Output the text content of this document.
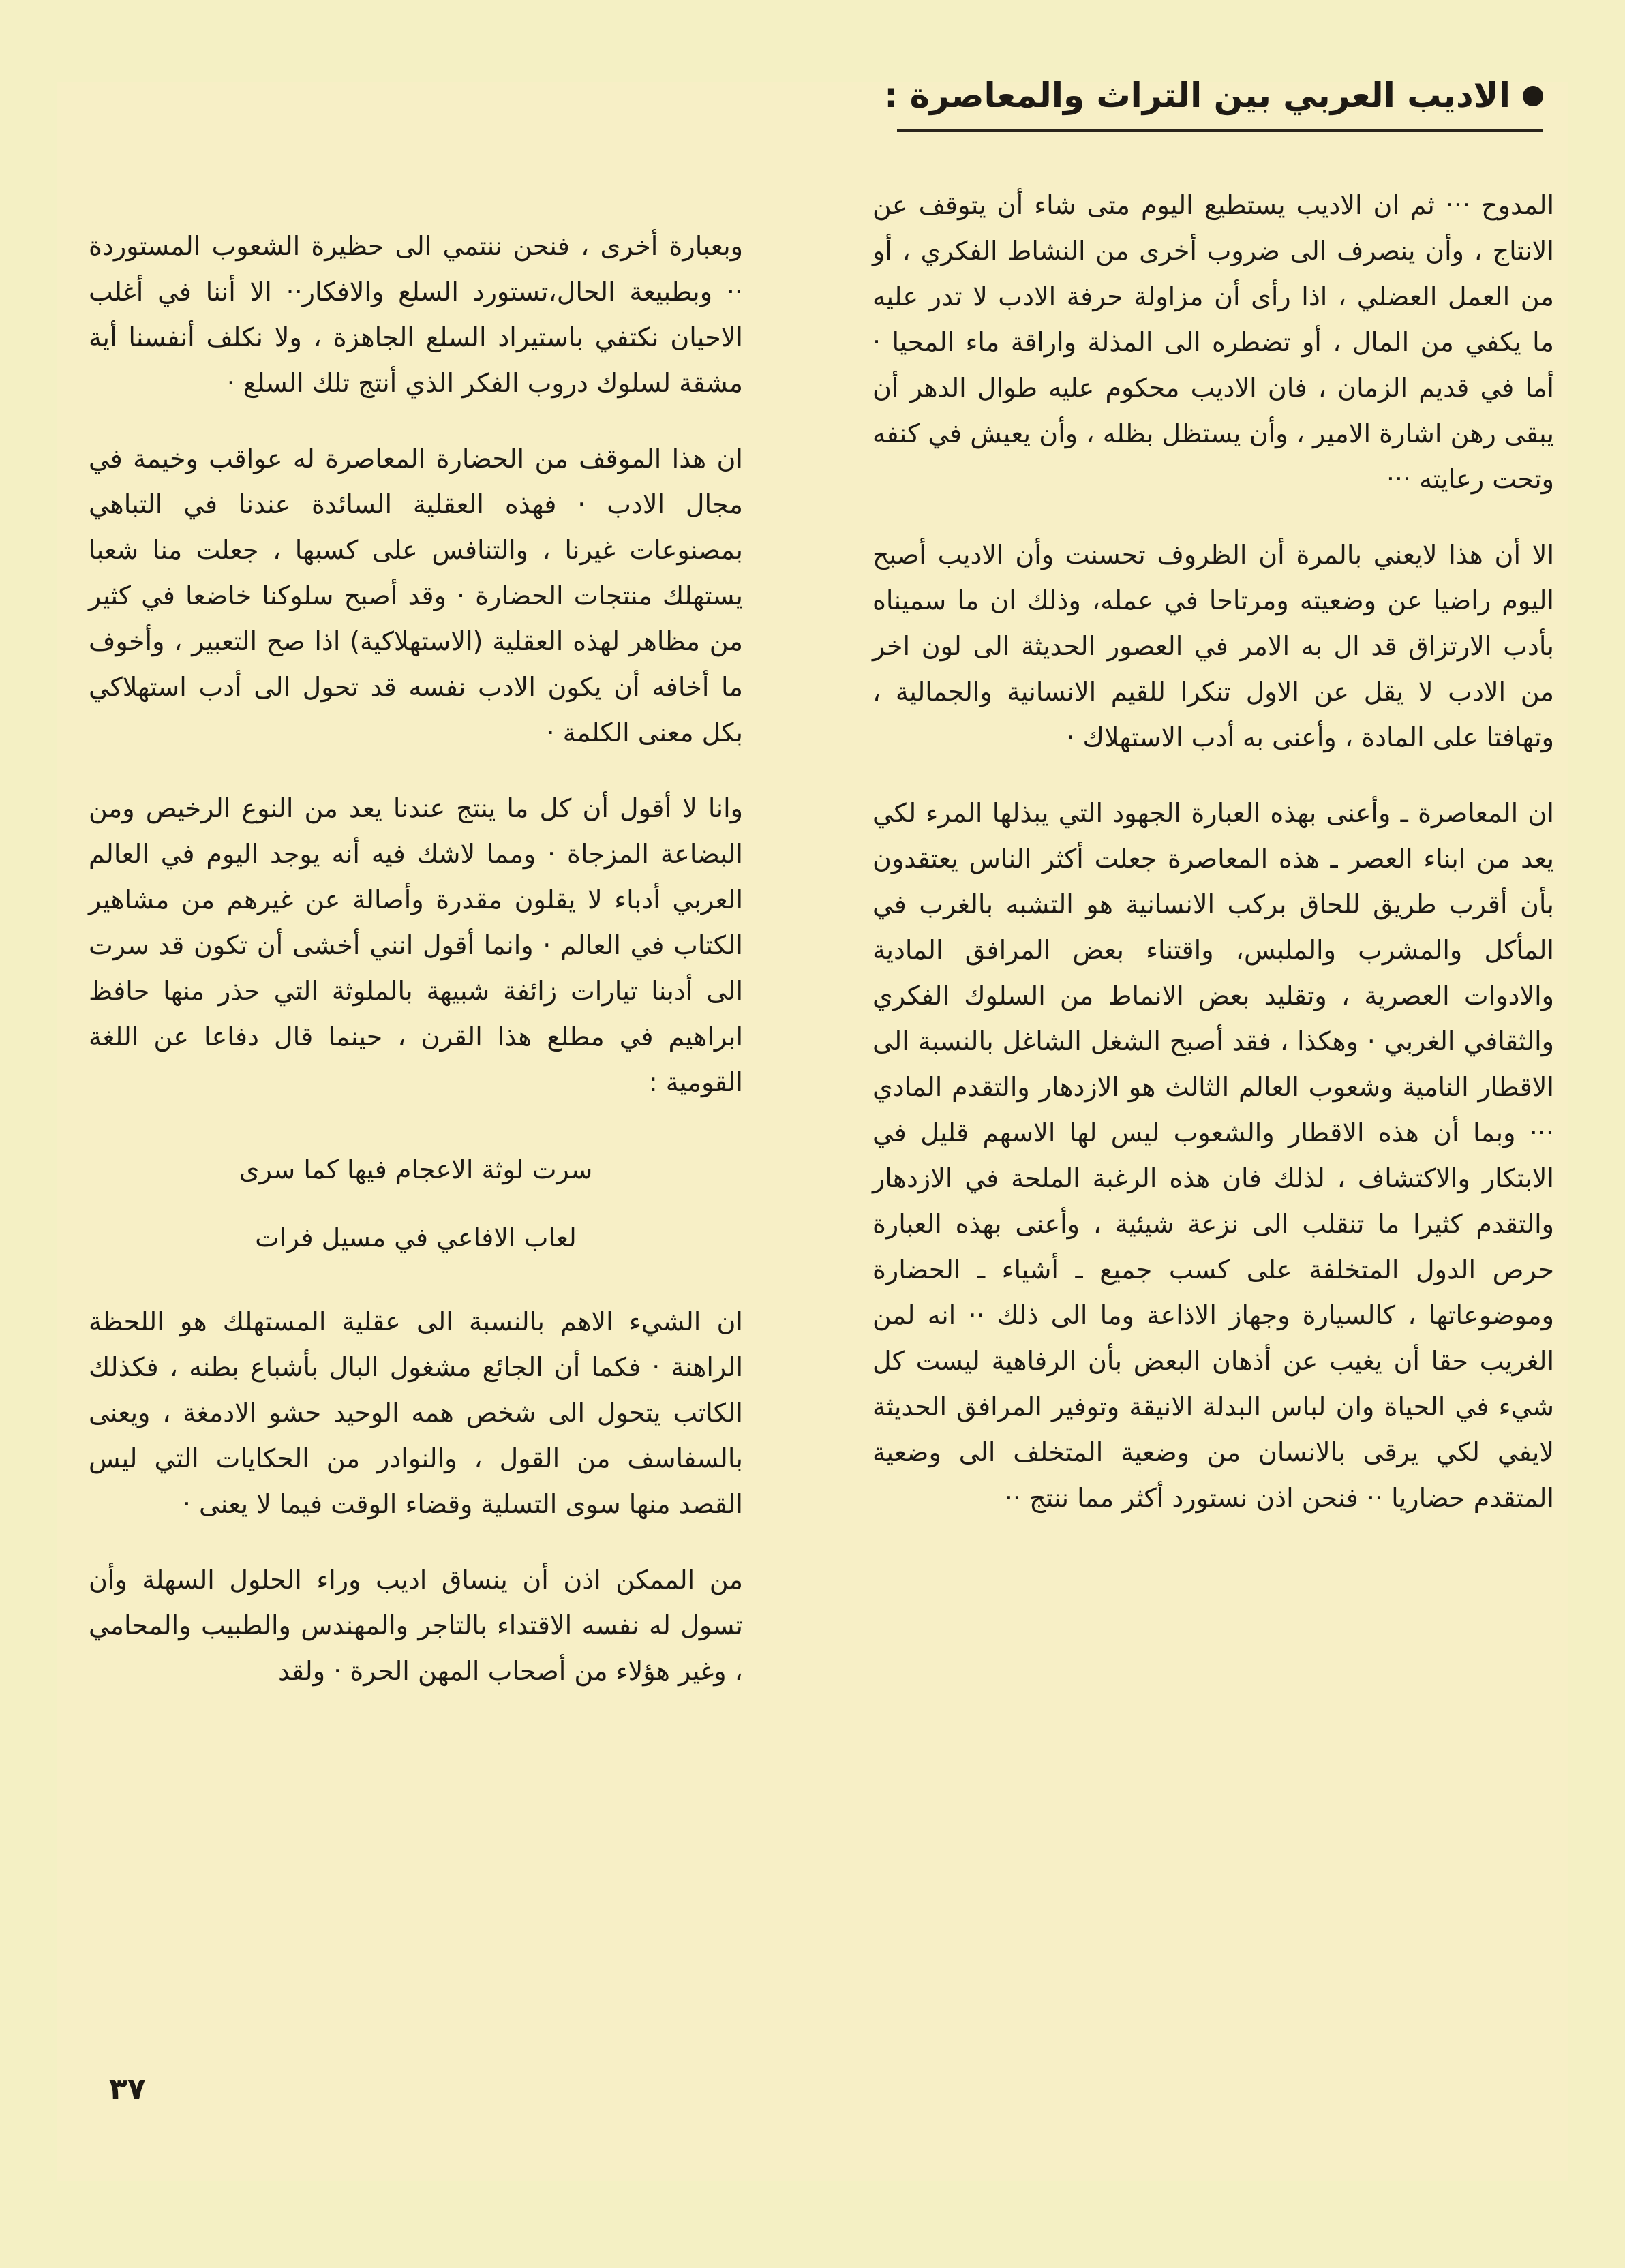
الاديب العربي بين التراث والمعاصرة :

المدوح ··· ثم ان الاديب يستطيع اليوم متى شاء أن يتوقف عن الانتاج ، وأن ينصرف الى ضروب أخرى من النشاط الفكري ، أو من العمل العضلي ، اذا رأى أن مزاولة حرفة الادب لا تدر عليه ما يكفي من المال ، أو تضطره الى المذلة واراقة ماء المحيا · أما في قديم الزمان ، فان الاديب محكوم عليه طوال الدهر أن يبقى رهن اشارة الامير ، وأن يستظل بظله ، وأن يعيش في كنفه وتحت رعايته ···

الا أن هذا لايعني بالمرة أن الظروف تحسنت وأن الاديب أصبح اليوم راضيا عن وضعيته ومرتاحا في عمله، وذلك ان ما سميناه بأدب الارتزاق قد ال به الامر في العصور الحديثة الى لون اخر من الادب لا يقل عن الاول تنكرا للقيم الانسانية والجمالية ، وتهافتا على المادة ، وأعنى به أدب الاستهلاك ·

ان المعاصرة ـ وأعنى بهذه العبارة الجهود التي يبذلها المرء لكي يعد من ابناء العصر ـ هذه المعاصرة جعلت أكثر الناس يعتقدون بأن أقرب طريق للحاق بركب الانسانية هو التشبه بالغرب في المأكل والمشرب والملبس، واقتناء بعض المرافق المادية والادوات العصرية ، وتقليد بعض الانماط من السلوك الفكري والثقافي الغربي · وهكذا ، فقد أصبح الشغل الشاغل بالنسبة الى الاقطار النامية وشعوب العالم الثالث هو الازدهار والتقدم المادي ··· وبما أن هذه الاقطار والشعوب ليس لها الاسهم قليل في الابتكار والاكتشاف ، لذلك فان هذه الرغبة الملحة في الازدهار والتقدم كثيرا ما تنقلب الى نزعة شيئية ، وأعنى بهذه العبارة حرص الدول المتخلفة على كسب جميع ـ أشياء ـ الحضارة وموضوعاتها ، كالسيارة وجهاز الاذاعة وما الى ذلك ·· انه لمن الغريب حقا أن يغيب عن أذهان البعض بأن الرفاهية ليست كل شيء في الحياة وان لباس البدلة الانيقة وتوفير المرافق الحديثة لايفي لكي يرقى بالانسان من وضعية المتخلف الى وضعية المتقدم حضاريا ·· فنحن اذن نستورد أكثر مما ننتج ··

وبعبارة أخرى ، فنحن ننتمي الى حظيرة الشعوب المستوردة ·· وبطبيعة الحال،تستورد السلع والافكار·· الا أننا في أغلب الاحيان نكتفي باستيراد السلع الجاهزة ، ولا نكلف أنفسنا أية مشقة لسلوك دروب الفكر الذي أنتج تلك السلع ·

ان هذا الموقف من الحضارة المعاصرة له عواقب وخيمة في مجال الادب · فهذه العقلية السائدة عندنا في التباهي بمصنوعات غيرنا ، والتنافس على كسبها ، جعلت منا شعبا يستهلك منتجات الحضارة · وقد أصبح سلوكنا خاضعا في كثير من مظاهر لهذه العقلية (الاستهلاكية) اذا صح التعبير ، وأخوف ما أخافه أن يكون الادب نفسه قد تحول الى أدب استهلاكي بكل معنى الكلمة ·

وانا لا أقول أن كل ما ينتج عندنا يعد من النوع الرخيص ومن البضاعة المزجاة · ومما لاشك فيه أنه يوجد اليوم في العالم العربي أدباء لا يقلون مقدرة وأصالة عن غيرهم من مشاهير الكتاب في العالم · وانما أقول انني أخشى أن تكون قد سرت الى أدبنا تيارات زائفة شبيهة بالملوثة التي حذر منها حافظ ابراهيم في مطلع هذا القرن ، حينما قال دفاعا عن اللغة القومية :

سرت لوثة الاعجام فيها كما سرى
لعاب الافاعي في مسيل فرات

ان الشيء الاهم بالنسبة الى عقلية المستهلك هو اللحظة الراهنة · فكما أن الجائع مشغول البال بأشباع بطنه ، فكذلك الكاتب يتحول الى شخص همه الوحيد حشو الادمغة ، ويعنى بالسفاسف من القول ، والنوادر من الحكايات التي ليس القصد منها سوى التسلية وقضاء الوقت فيما لا يعنى ·

من الممكن اذن أن ينساق اديب وراء الحلول السهلة وأن تسول له نفسه الاقتداء بالتاجر والمهندس والطبيب والمحامي ، وغير هؤلاء من أصحاب المهن الحرة · ولقد

٣٧
